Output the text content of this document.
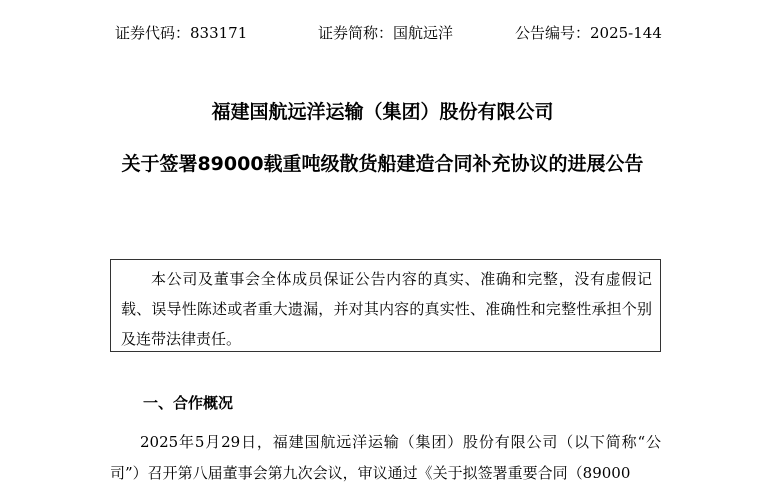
证券代码：833171	证券简称：国航远洋	公告编号：2025-144
福建国航远洋运输（集团）股份有限公司
关于签署89000载重吨级散货船建造合同补充协议的进展公告

本公司及董事会全体成员保证公告内容的真实、准确和完整，没有虚假记载、误导性陈述或者重大遗漏，并对其内容的真实性、准确性和完整性承担个别及连带法律责任。

一、合作概况

2025年5月29日，福建国航远洋运输（集团）股份有限公司（以下简称“公司”）召开第八届董事会第九次会议，审议通过《关于拟签署重要合同（89000
